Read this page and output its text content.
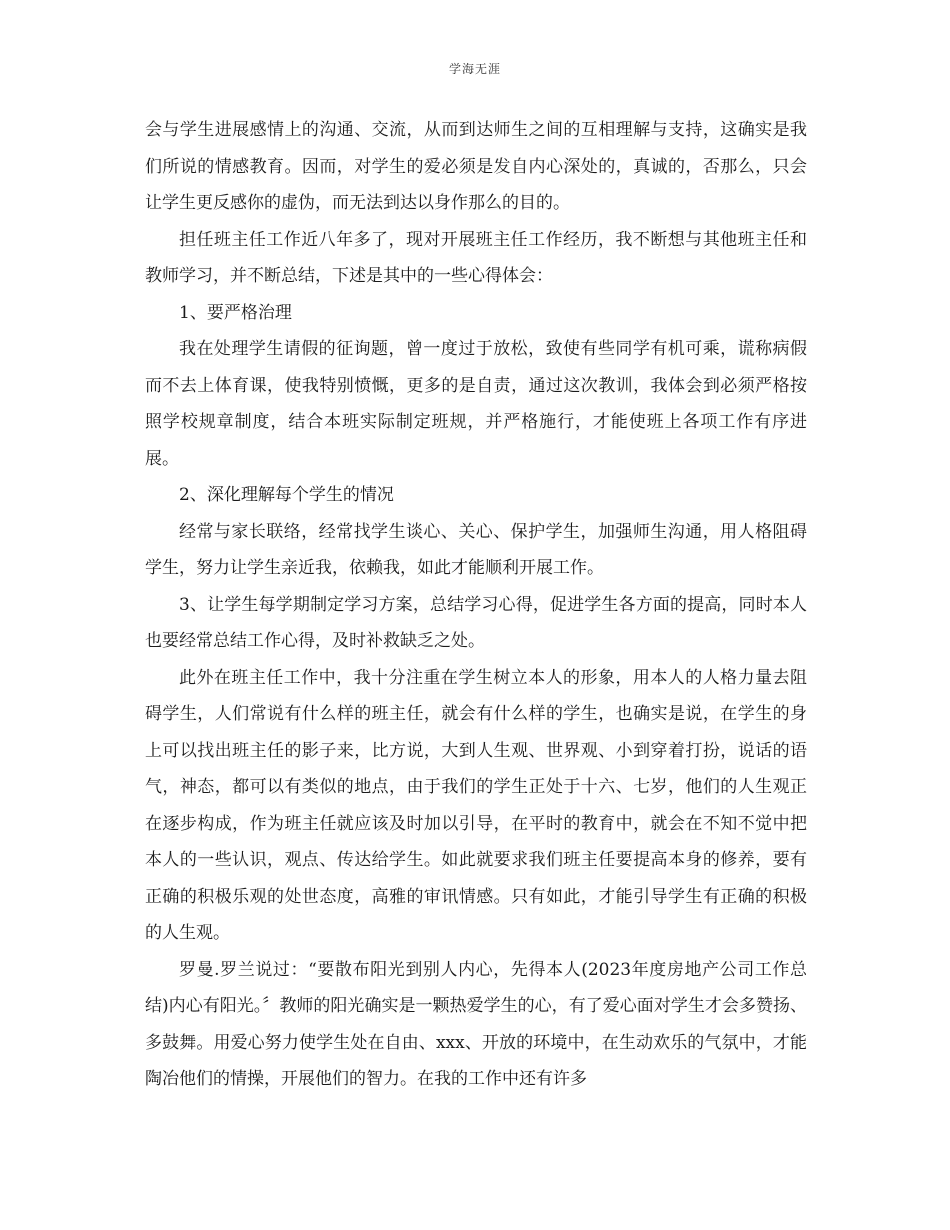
学海无涯

会与学生进展感情上的沟通、交流，从而到达师生之间的互相理解与支持，这确实是我们所说的情感教育。因而，对学生的爱必须是发自内心深处的，真诚的，否那么，只会让学生更反感你的虚伪，而无法到达以身作那么的目的。

担任班主任工作近八年多了，现对开展班主任工作经历，我不断想与其他班主任和教师学习，并不断总结，下述是其中的一些心得体会：

1、要严格治理

我在处理学生请假的征询题，曾一度过于放松，致使有些同学有机可乘，谎称病假而不去上体育课，使我特别愤慨，更多的是自责，通过这次教训，我体会到必须严格按照学校规章制度，结合本班实际制定班规，并严格施行，才能使班上各项工作有序进展。

2、深化理解每个学生的情况

经常与家长联络，经常找学生谈心、关心、保护学生，加强师生沟通，用人格阻碍学生，努力让学生亲近我，依赖我，如此才能顺利开展工作。

3、让学生每学期制定学习方案，总结学习心得，促进学生各方面的提高，同时本人也要经常总结工作心得，及时补救缺乏之处。

此外在班主任工作中，我十分注重在学生树立本人的形象，用本人的人格力量去阻碍学生，人们常说有什么样的班主任，就会有什么样的学生，也确实是说，在学生的身上可以找出班主任的影子来，比方说，大到人生观、世界观、小到穿着打扮，说话的语气，神态，都可以有类似的地点，由于我们的学生正处于十六、七岁，他们的人生观正在逐步构成，作为班主任就应该及时加以引导，在平时的教育中，就会在不知不觉中把本人的一些认识，观点、传达给学生。如此就要求我们班主任要提高本身的修养，要有正确的积极乐观的处世态度，高雅的审讯情感。只有如此，才能引导学生有正确的积极的人生观。

罗曼.罗兰说过：“要散布阳光到别人内心，先得本人(2023年度房地产公司工作总结)内心有阳光。〞教师的阳光确实是一颗热爱学生的心，有了爱心面对学生才会多赞扬、多鼓舞。用爱心努力使学生处在自由、xxx、开放的环境中，在生动欢乐的气氛中，才能陶冶他们的情操，开展他们的智力。在我的工作中还有许多
